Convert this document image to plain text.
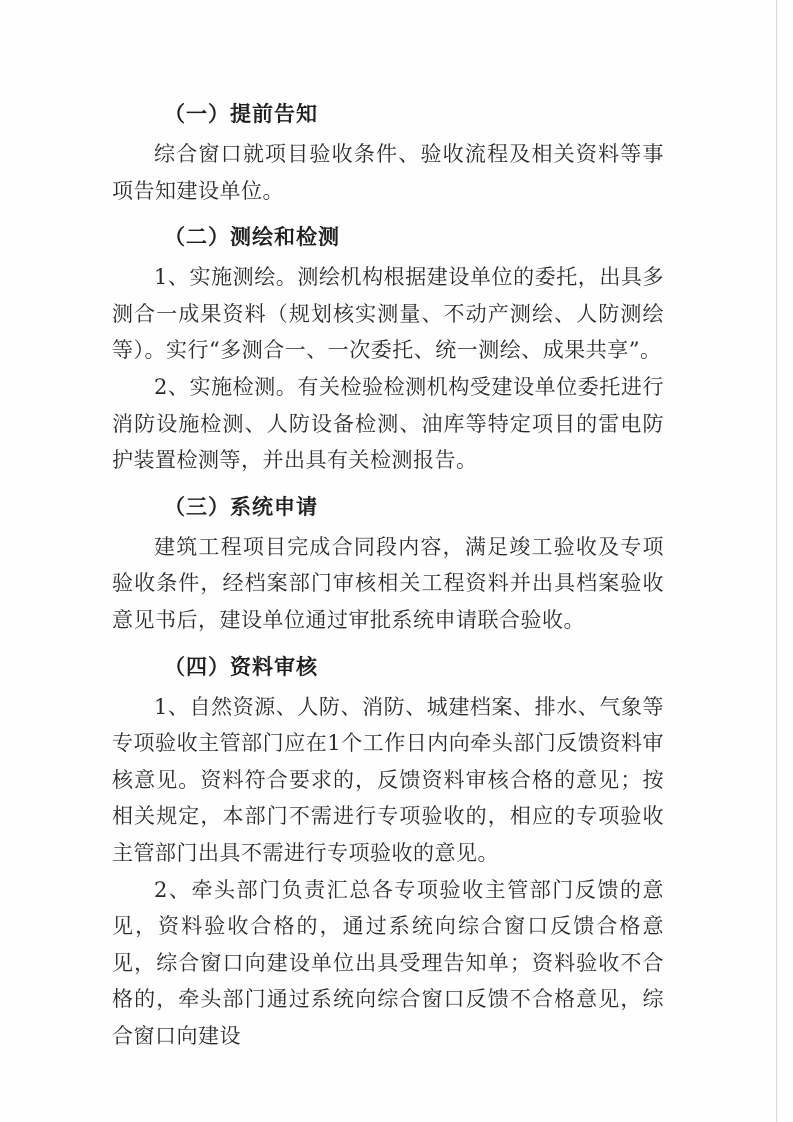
（一）提前告知

综合窗口就项目验收条件、验收流程及相关资料等事项告知建设单位。

（二）测绘和检测

1、实施测绘。测绘机构根据建设单位的委托，出具多测合一成果资料（规划核实测量、不动产测绘、人防测绘等）。实行“多测合一、一次委托、统一测绘、成果共享”。

2、实施检测。有关检验检测机构受建设单位委托进行消防设施检测、人防设备检测、油库等特定项目的雷电防护装置检测等，并出具有关检测报告。

（三）系统申请

建筑工程项目完成合同段内容，满足竣工验收及专项验收条件，经档案部门审核相关工程资料并出具档案验收意见书后，建设单位通过审批系统申请联合验收。

（四）资料审核

1、自然资源、人防、消防、城建档案、排水、气象等专项验收主管部门应在1个工作日内向牵头部门反馈资料审核意见。资料符合要求的，反馈资料审核合格的意见；按相关规定，本部门不需进行专项验收的，相应的专项验收主管部门出具不需进行专项验收的意见。

2、牵头部门负责汇总各专项验收主管部门反馈的意见，资料验收合格的，通过系统向综合窗口反馈合格意见，综合窗口向建设单位出具受理告知单；资料验收不合格的，牵头部门通过系统向综合窗口反馈不合格意见，综合窗口向建设
